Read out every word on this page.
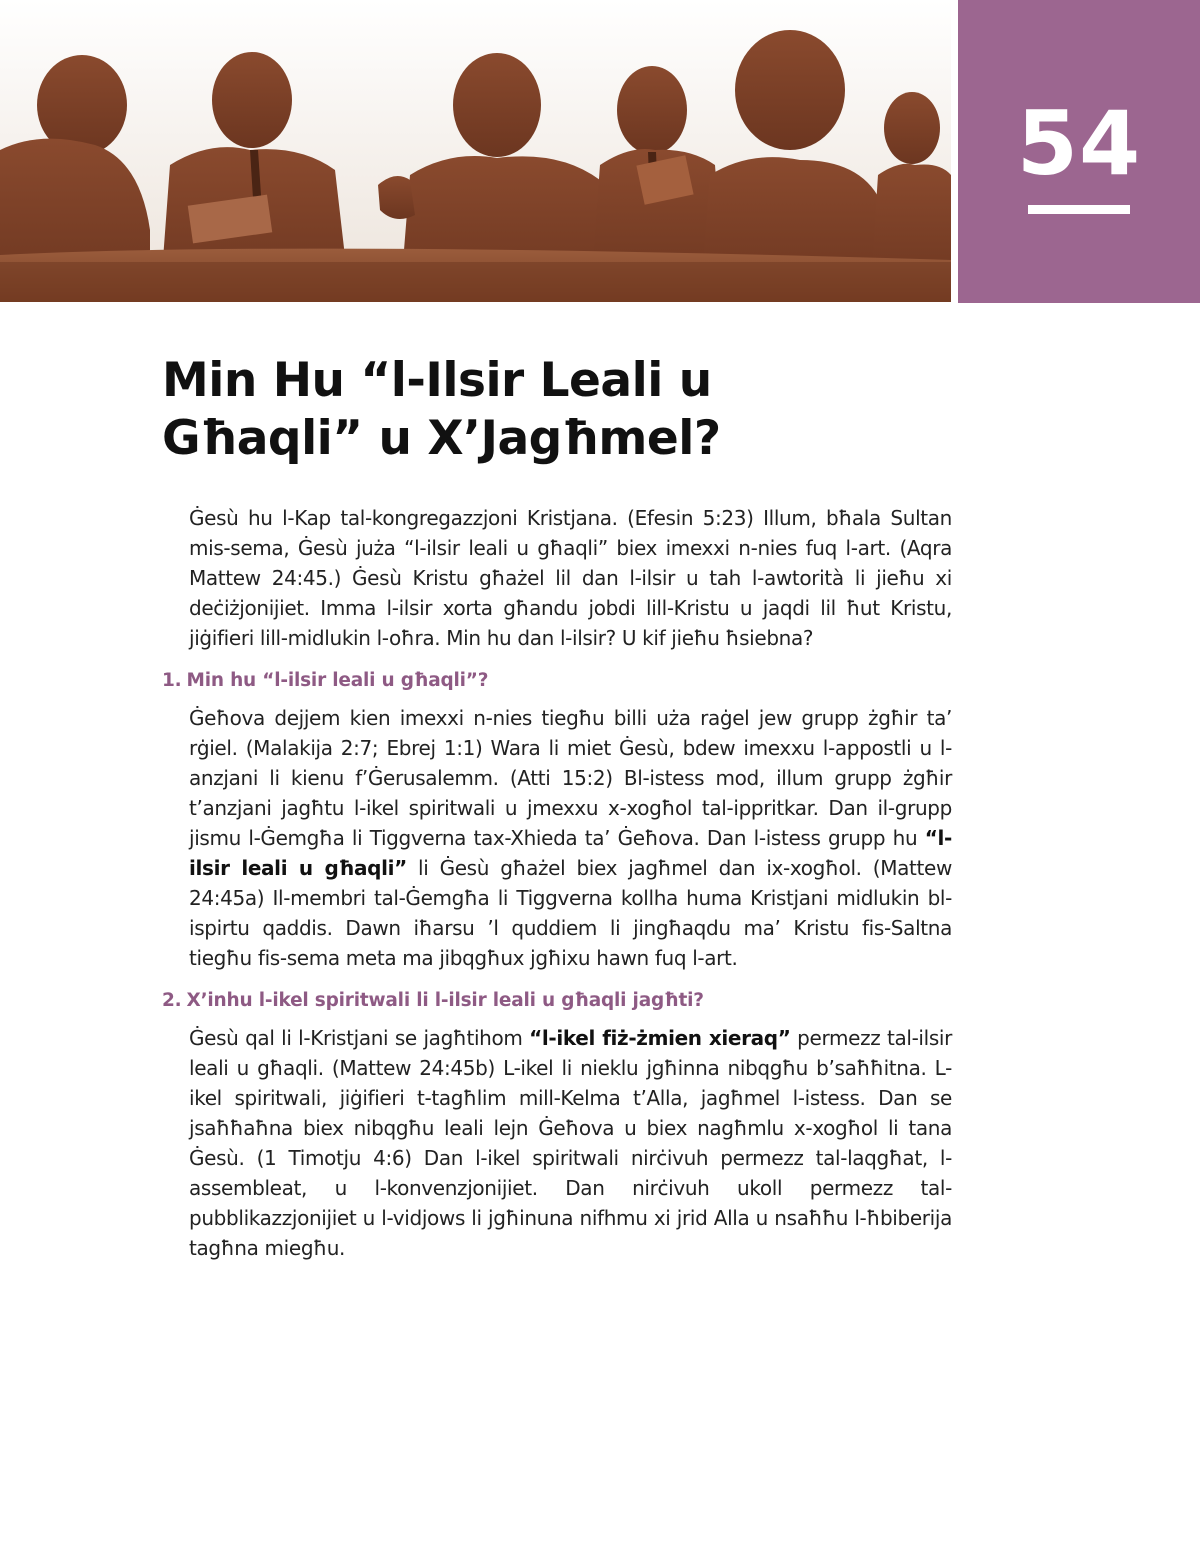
54
Min Hu “l-Ilsir Leali u
Għaqli” u X’Jagħmel?

Ġesù hu l-Kap tal-kongregazzjoni Kristjana. (Efesin 5:23) Illum, bħala Sultan mis-sema, Ġesù juża “l-ilsir leali u għaqli” biex imexxi n-nies fuq l-art. (Aqra Mattew 24:45.) Ġesù Kristu għażel lil dan l-ilsir u tah l-awtorità li jieħu xi deċiżjonijiet. Imma l-ilsir xorta għandu jobdi lill-Kristu u jaqdi lil ħut Kristu, jiġifieri lill-midlukin l-oħra. Min hu dan l-ilsir? U kif jieħu ħsiebna?

1. Min hu “l-ilsir leali u għaqli”?

Ġeħova dejjem kien imexxi n-nies tiegħu billi uża raġel jew grupp żgħir ta’ rġiel. (Malakija 2:7; Ebrej 1:1) Wara li miet Ġesù, bdew imexxu l-appostli u l-anzjani li kienu f’Ġerusalemm. (Atti 15:2) Bl-istess mod, illum grupp żgħir t’anzjani jagħtu l-ikel spiritwali u jmexxu x-xogħol tal-ippritkar. Dan il-grupp jismu l-Ġemgħa li Tiggverna tax-Xhieda ta’ Ġeħova. Dan l-istess grupp hu “l-ilsir leali u għaqli” li Ġesù għażel biex jagħmel dan ix-xogħol. (Mattew 24:45a) Il-membri tal-Ġemgħa li Tiggverna kollha huma Kristjani midlukin bl-ispirtu qaddis. Dawn iħarsu ’l quddiem li jingħaqdu ma’ Kristu fis-Saltna tiegħu fis-sema meta ma jibqgħux jgħixu hawn fuq l-art.

2. X’inhu l-ikel spiritwali li l-ilsir leali u għaqli jagħti?

Ġesù qal li l-Kristjani se jagħtihom “l-ikel fiż-żmien xieraq” permezz tal-ilsir leali u għaqli. (Mattew 24:45b) L-ikel li nieklu jgħinna nibqgħu b’saħħitna. L-ikel spiritwali, jiġifieri t-tagħlim mill-Kelma t’Alla, jagħmel l-istess. Dan se jsaħħaħna biex nibqgħu leali lejn Ġeħova u biex nagħmlu x-xogħol li tana Ġesù. (1 Timotju 4:6) Dan l-ikel spiritwali nirċivuh permezz tal-laqgħat, l-assembleat, u l-konvenzjonijiet. Dan nirċivuh ukoll permezz tal-pubblikazzjonijiet u l-vidjows li jgħinuna nifhmu xi jrid Alla u nsaħħu l-ħbiberija tagħna miegħu.
